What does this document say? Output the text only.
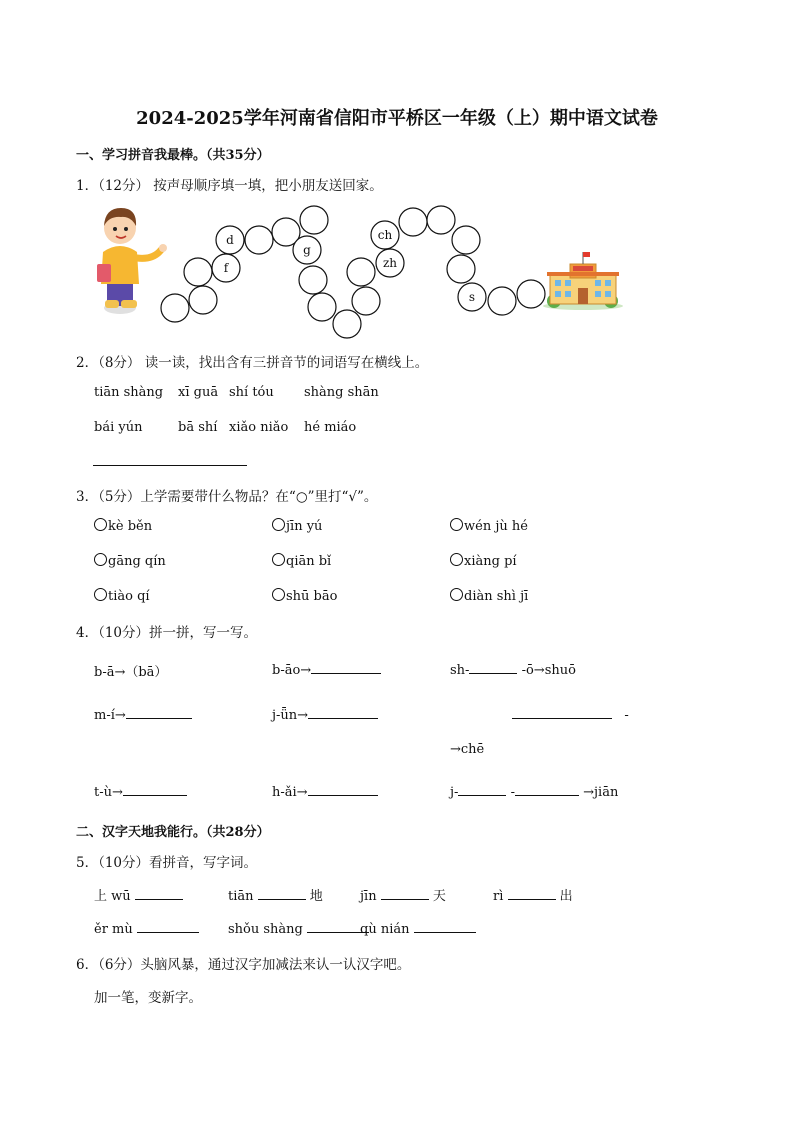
2024-2025学年河南省信阳市平桥区一年级（上）期中语文试卷
一、学习拼音我最棒。（共35分）
1．（12分） 按声母顺序填一填，把小朋友送回家。
d
f
g
ch
zh
s
2．（8分） 读一读，找出含有三拼音节的词语写在横线上。
tiān shàng xī guā shí tóu shàng shān
bái yún	bā shí xiǎo niǎo hé miáo
3．（5分）上学需要带什么物品？在“○”里打“√”。
kè běn	jīn yú	wén jù hé
gāng qín	qiān bǐ	xiàng pí
tiào qí	shū bāo	diàn shì jī
4．（10分）拼一拼，写一写。
b-ā→（bā）	b-āo→	sh-	-ō→shuō
m-í→	j-ǖn→	-
→chē
t-ù→	h-ǎi→	j-	-	→jiān
二、汉字天地我能行。（共28分）
5．（10分）看拼音，写字词。
上 wū	tiān	地	jīn	天	rì	出
ěr mù	shǒu shàng	qù nián
6．（6分）头脑风暴，通过汉字加减法来认一认汉字吧。
加一笔，变新字。
